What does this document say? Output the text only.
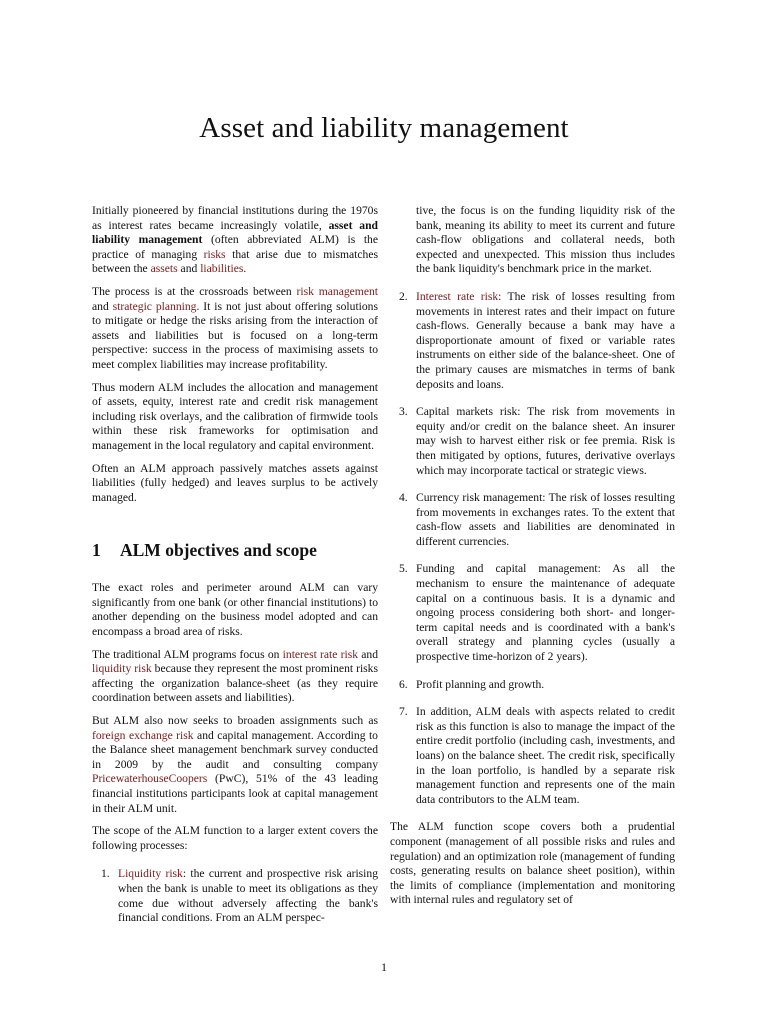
Asset and liability management

Initially pioneered by financial institutions during the 1970s as interest rates became increasingly volatile, asset and liability management (often abbreviated ALM) is the practice of managing risks that arise due to mismatches between the assets and liabilities.

The process is at the crossroads between risk management and strategic planning. It is not just about offering solutions to mitigate or hedge the risks arising from the interaction of assets and liabilities but is focused on a long-term perspective: success in the process of maximising assets to meet complex liabilities may increase profitability.

Thus modern ALM includes the allocation and management of assets, equity, interest rate and credit risk management including risk overlays, and the calibration of firmwide tools within these risk frameworks for optimisation and management in the local regulatory and capital environment.

Often an ALM approach passively matches assets against liabilities (fully hedged) and leaves surplus to be actively managed.

1 ALM objectives and scope

The exact roles and perimeter around ALM can vary significantly from one bank (or other financial institutions) to another depending on the business model adopted and can encompass a broad area of risks.

The traditional ALM programs focus on interest rate risk and liquidity risk because they represent the most prominent risks affecting the organization balance-sheet (as they require coordination between assets and liabilities).

But ALM also now seeks to broaden assignments such as foreign exchange risk and capital management. According to the Balance sheet management benchmark survey conducted in 2009 by the audit and consulting company PricewaterhouseCoopers (PwC), 51% of the 43 leading financial institutions participants look at capital management in their ALM unit.

The scope of the ALM function to a larger extent covers the following processes:

1. Liquidity risk: the current and prospective risk arising when the bank is unable to meet its obligations as they come due without adversely affecting the bank's financial conditions. From an ALM perspec-
tive, the focus is on the funding liquidity risk of the bank, meaning its ability to meet its current and future cash-flow obligations and collateral needs, both expected and unexpected. This mission thus includes the bank liquidity's benchmark price in the market.
2. Interest rate risk: The risk of losses resulting from movements in interest rates and their impact on future cash-flows. Generally because a bank may have a disproportionate amount of fixed or variable rates instruments on either side of the balance-sheet. One of the primary causes are mismatches in terms of bank deposits and loans.
3. Capital markets risk: The risk from movements in equity and/or credit on the balance sheet. An insurer may wish to harvest either risk or fee premia. Risk is then mitigated by options, futures, derivative overlays which may incorporate tactical or strategic views.
4. Currency risk management: The risk of losses resulting from movements in exchanges rates. To the extent that cash-flow assets and liabilities are denominated in different currencies.
5. Funding and capital management: As all the mechanism to ensure the maintenance of adequate capital on a continuous basis. It is a dynamic and ongoing process considering both short- and longer-term capital needs and is coordinated with a bank's overall strategy and planning cycles (usually a prospective time-horizon of 2 years).
6. Profit planning and growth.
7. In addition, ALM deals with aspects related to credit risk as this function is also to manage the impact of the entire credit portfolio (including cash, investments, and loans) on the balance sheet. The credit risk, specifically in the loan portfolio, is handled by a separate risk management function and represents one of the main data contributors to the ALM team.

The ALM function scope covers both a prudential component (management of all possible risks and rules and regulation) and an optimization role (management of funding costs, generating results on balance sheet position), within the limits of compliance (implementation and monitoring with internal rules and regulatory set of

1
